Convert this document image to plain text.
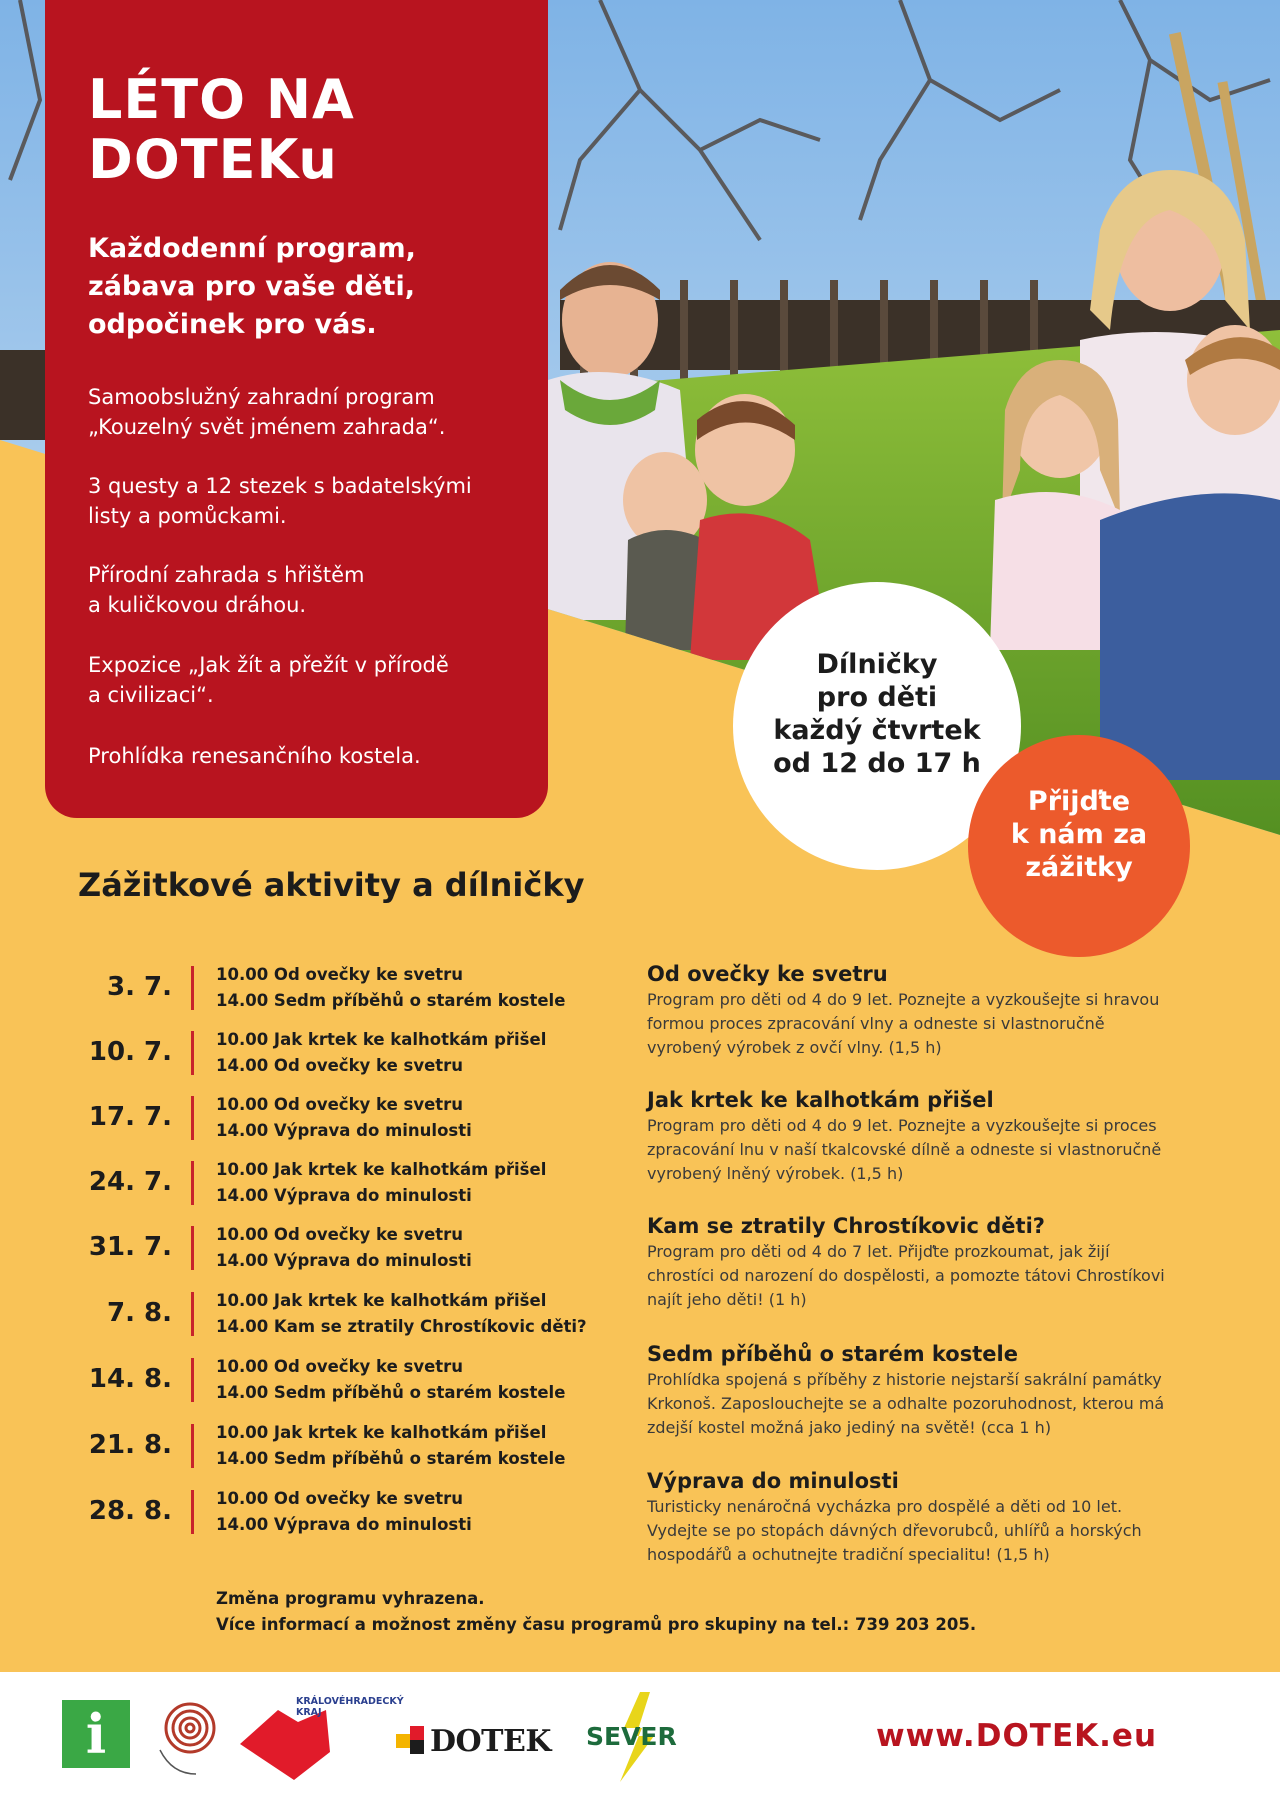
LÉTO NA
DOTEKu
Každodenní program,
zábava pro vaše děti,
odpočinek pro vás.
Samoobslužný zahradní program
„Kouzelný svět jménem zahrada“.
3 questy a 12 stezek s badatelskými
listy a pomůckami.
Přírodní zahrada s hřištěm
a kuličkovou dráhou.
Expozice „Jak žít a přežít v přírodě
a civilizaci“.
Prohlídka renesančního kostela.
Dílničky
pro děti
každý čtvrtek
od 12 do 17 h
Přijďte
k nám za
zážitky
Zážitkové aktivity a dílničky
3. 7.	10.00 Od ovečky ke svetru
14.00 Sedm příběhů o starém kostele
10. 7.	10.00 Jak krtek ke kalhotkám přišel
14.00 Od ovečky ke svetru
17. 7.	10.00 Od ovečky ke svetru
14.00 Výprava do minulosti
24. 7.	10.00 Jak krtek ke kalhotkám přišel
14.00 Výprava do minulosti
31. 7.	10.00 Od ovečky ke svetru
14.00 Výprava do minulosti
7. 8.	10.00 Jak krtek ke kalhotkám přišel
14.00 Kam se ztratily Chrostíkovic děti?
14. 8.	10.00 Od ovečky ke svetru
14.00 Sedm příběhů o starém kostele
21. 8.	10.00 Jak krtek ke kalhotkám přišel
14.00 Sedm příběhů o starém kostele
28. 8.	10.00 Od ovečky ke svetru
14.00 Výprava do minulosti
Od ovečky ke svetru
Program pro děti od 4 do 9 let. Poznejte a vyzkoušejte si hravou
formou proces zpracování vlny a odneste si vlastnoručně
vyrobený výrobek z ovčí vlny. (1,5 h)
Jak krtek ke kalhotkám přišel
Program pro děti od 4 do 9 let. Poznejte a vyzkoušejte si proces
zpracování lnu v naší tkalcovské dílně a odneste si vlastnoručně
vyrobený lněný výrobek. (1,5 h)
Kam se ztratily Chrostíkovic děti?
Program pro děti od 4 do 7 let. Přijďte prozkoumat, jak žijí
chrostíci od narození do dospělosti, a pomozte tátovi Chrostíkovi
najít jeho děti! (1 h)
Sedm příběhů o starém kostele
Prohlídka spojená s příběhy z historie nejstarší sakrální památky
Krkonoš. Zaposlouchejte se a odhalte pozoruhodnost, kterou má
zdejší kostel možná jako jediný na světě! (cca 1 h)
Výprava do minulosti
Turisticky nenáročná vycházka pro dospělé a děti od 10 let.
Vydejte se po stopách dávných dřevorubců, uhlířů a horských
hospodářů a ochutnejte tradiční specialitu! (1,5 h)
Změna programu vyhrazena.
Více informací a možnost změny času programů pro skupiny na tel.: 739 203 205.
i
KRÁLOVÉHRADECKÝ
KRAJ
DOTEK SEVER	www.DOTEK.eu
